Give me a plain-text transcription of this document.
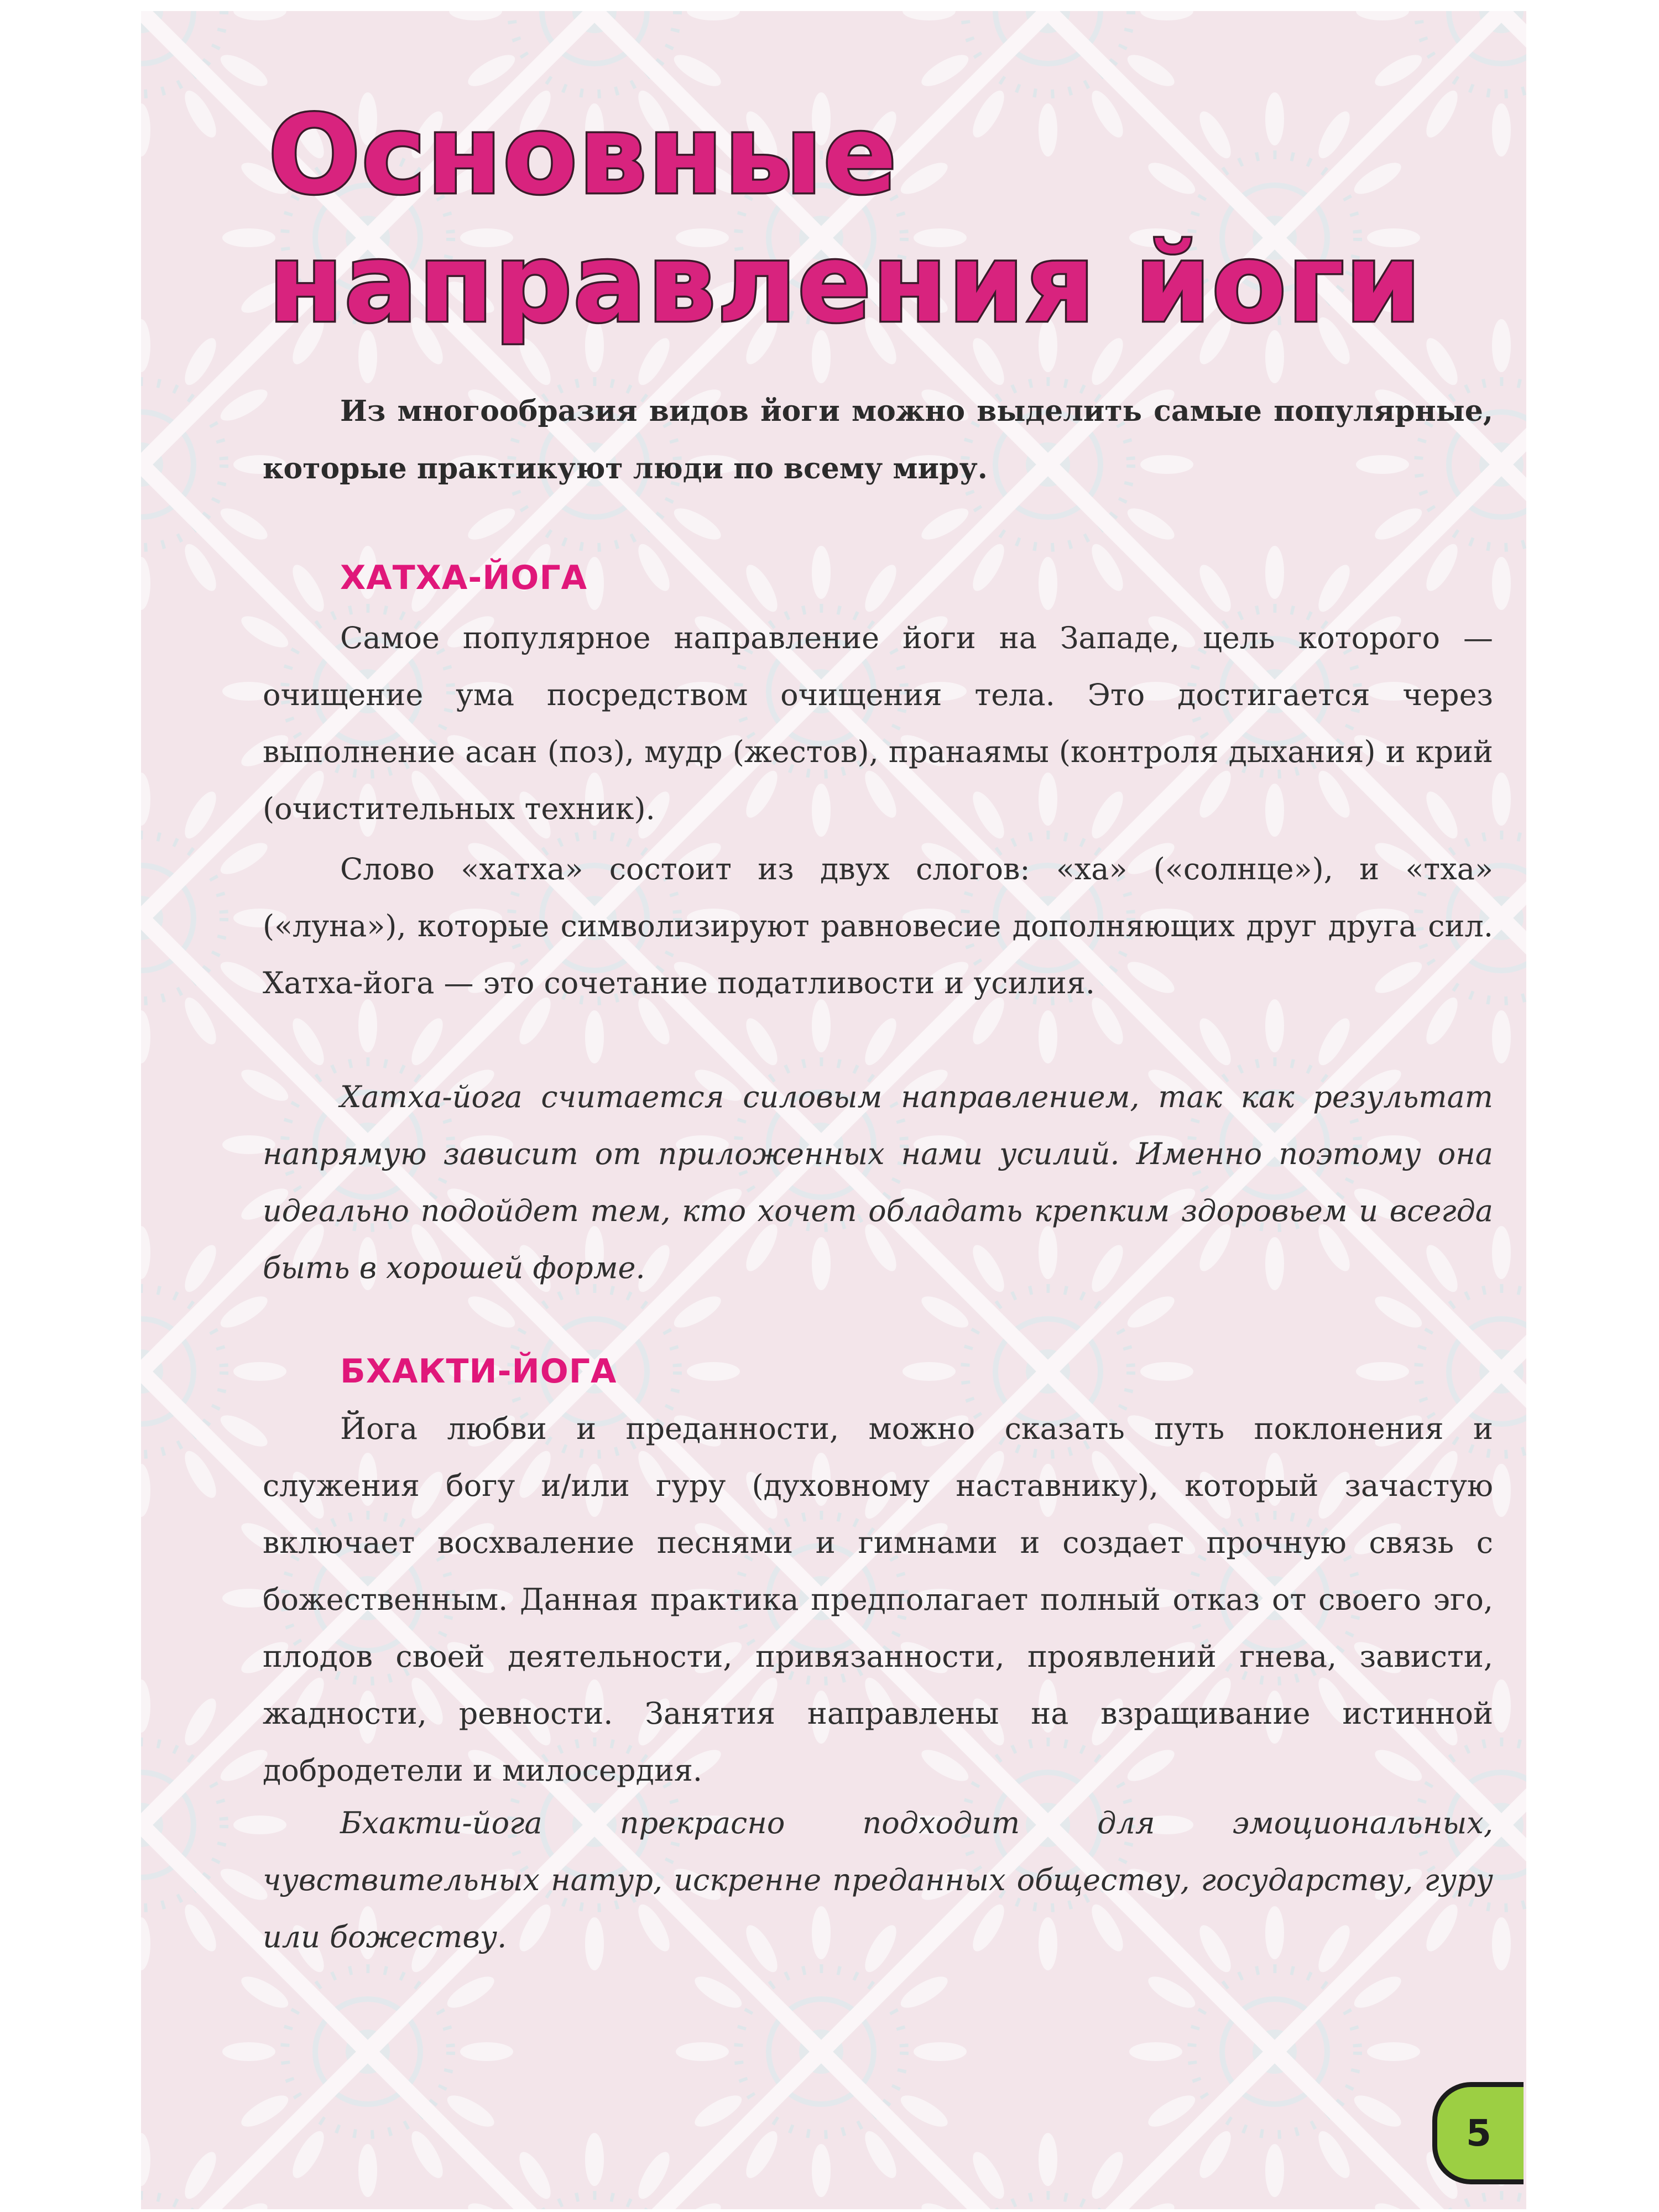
Основные
направления йоги

Из многообразия видов йоги можно выделить самые популярные, которые практикуют люди по всему миру.

ХАТХА-ЙОГА

Самое популярное направление йоги на Западе, цель которого — очищение ума посредством очищения тела. Это достигается через выполнение асан (поз), мудр (жестов), пранаямы (контроля дыхания) и крий (очистительных техник).

Слово «хатха» состоит из двух слогов: «ха» («солнце»), и «тха» («луна»), которые символизируют равновесие дополняющих друг друга сил. Хатха-йога — это сочетание податливости и усилия.

Хатха-йога считается силовым направлением, так как результат напрямую зависит от приложенных нами усилий. Именно поэтому она идеально подойдет тем, кто хочет обладать крепким здоровьем и всегда быть в хорошей форме.

БХАКТИ-ЙОГА

Йога любви и преданности, можно сказать путь поклонения и служения богу и/или гуру (духовному наставнику), который зачастую включает восхваление песнями и гимнами и создает прочную связь с божественным. Данная практика предполагает полный отказ от своего эго, плодов своей деятельности, привязанности, проявлений гнева, зависти, жадности, ревности. Занятия направлены на взращивание истинной добродетели и милосердия.

Бхакти-йога прекрасно подходит для эмоциональных, чувствительных натур, искренне преданных обществу, государству, гуру или божеству.

5
